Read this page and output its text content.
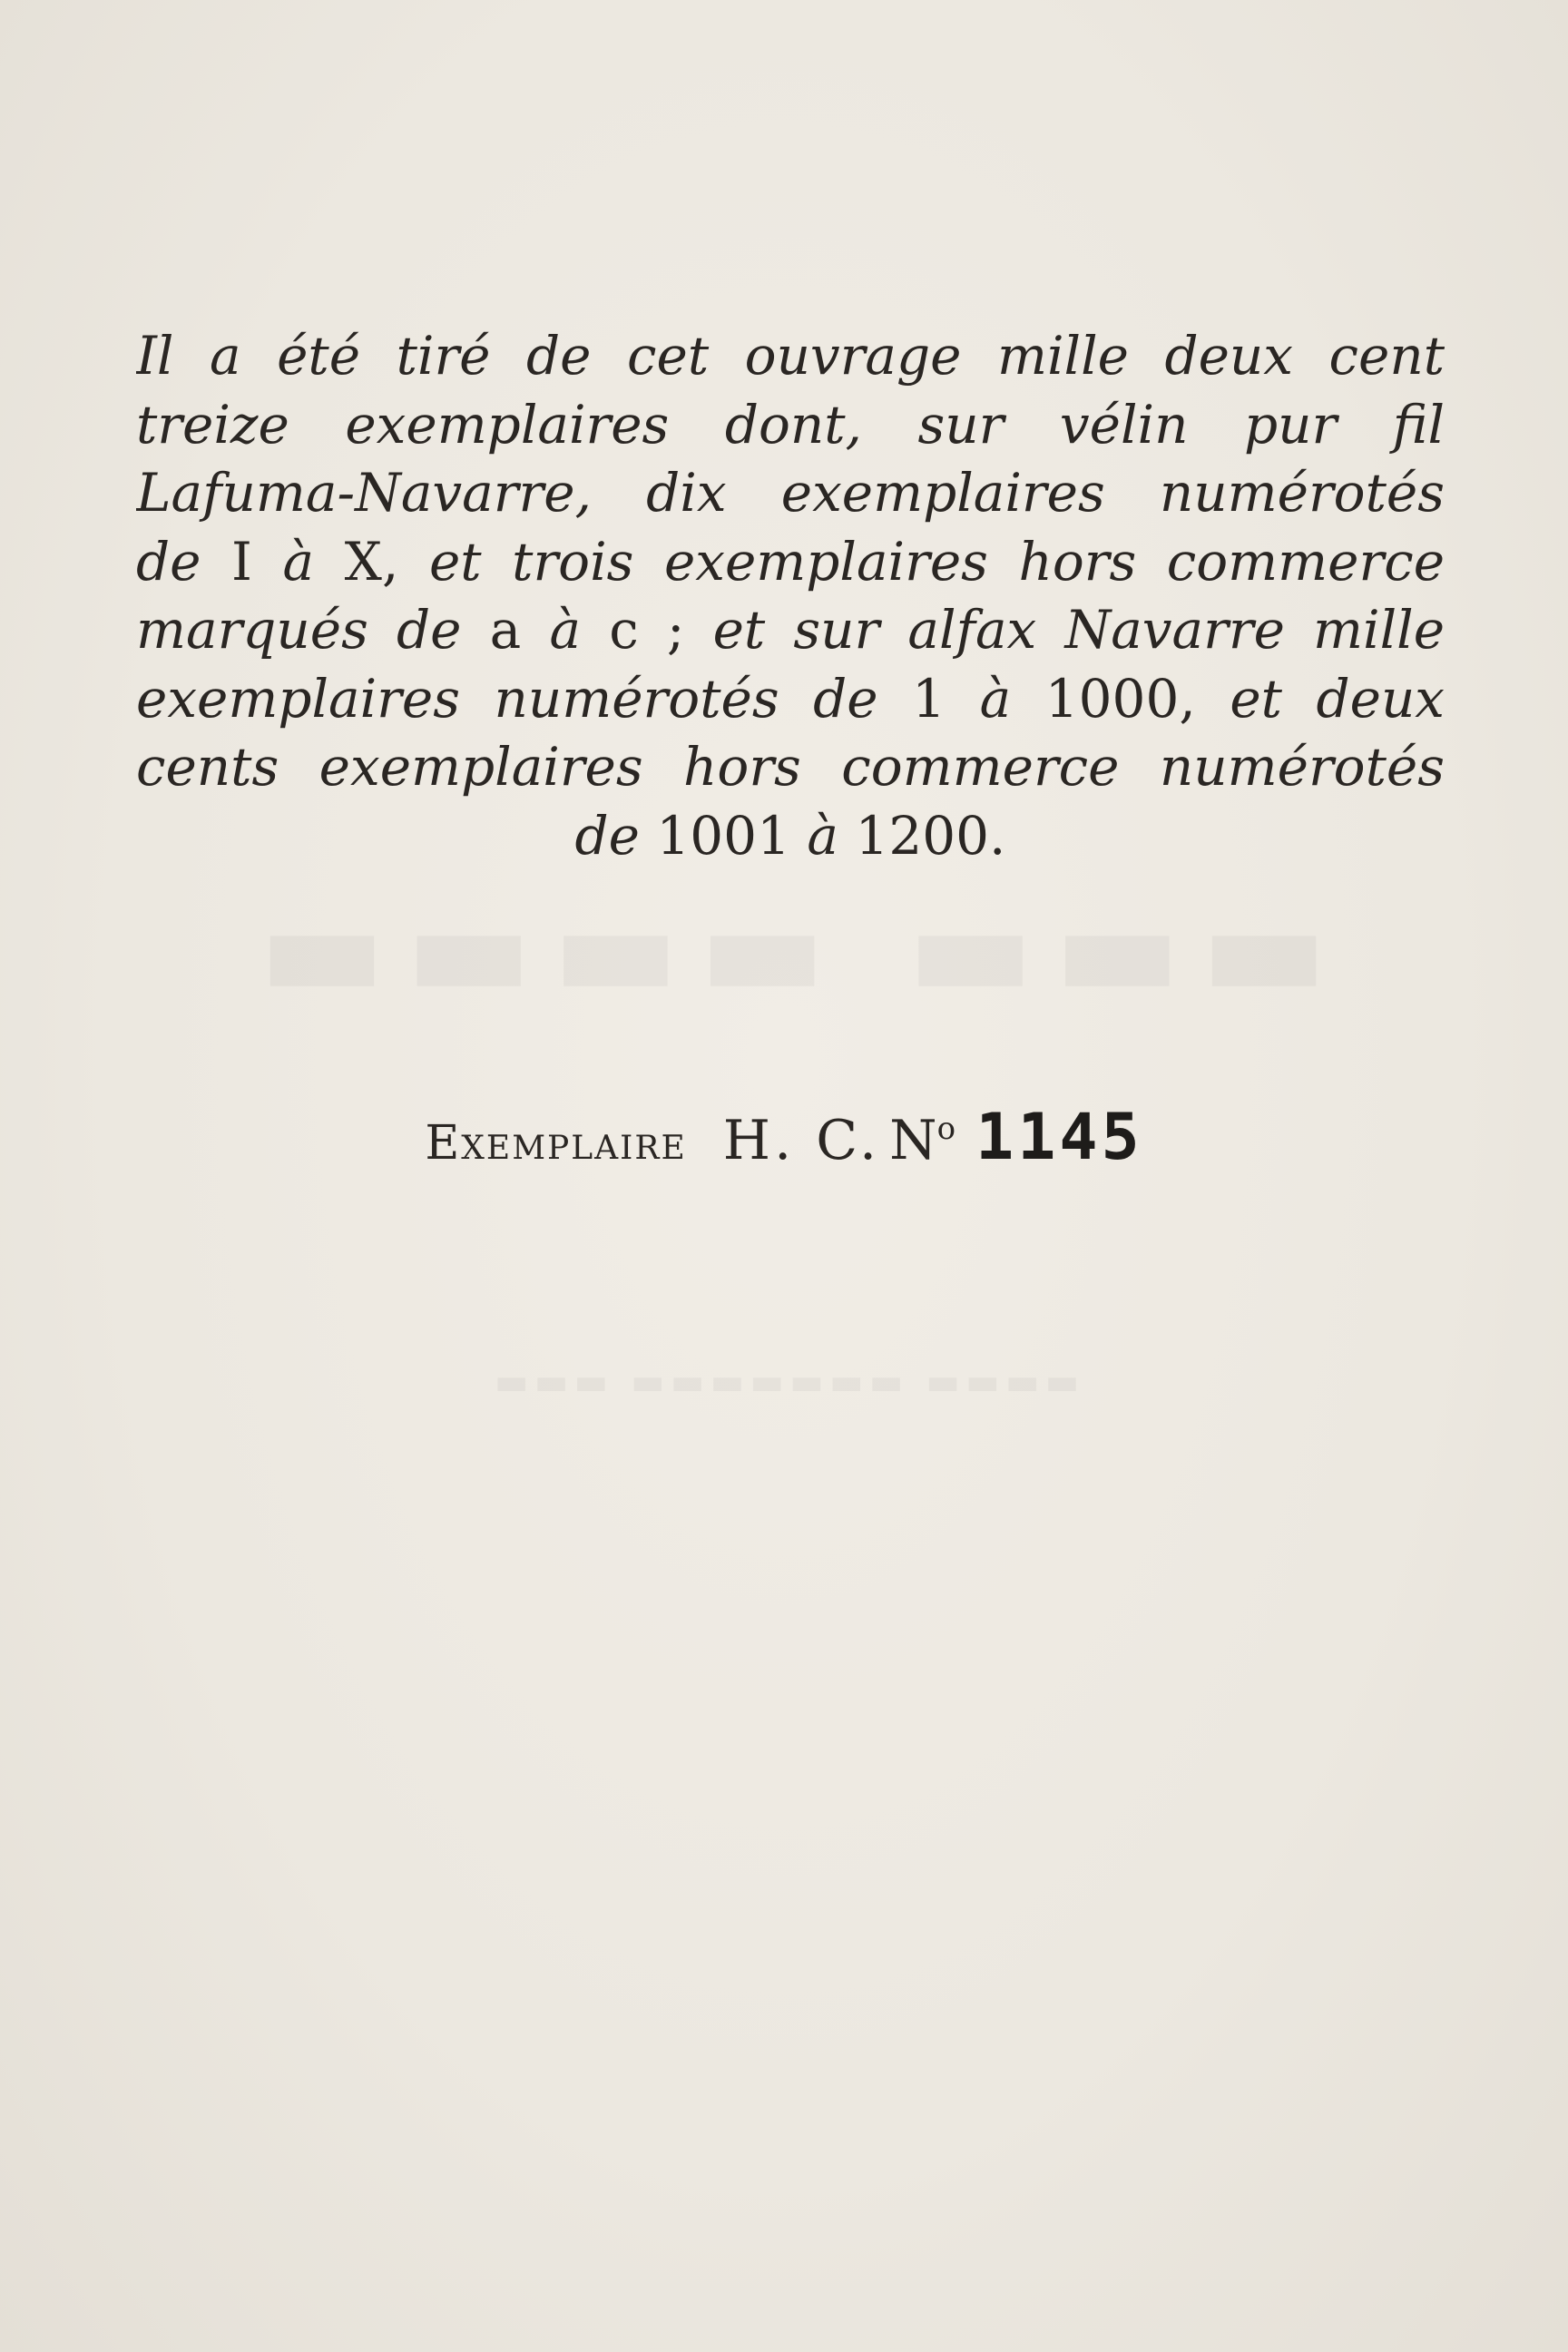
Il a été tiré de cet ouvrage mille deux cent
treize exemplaires dont, sur vélin pur fil
Lafuma-Navarre, dix exemplaires numérotés
de I à X, et trois exemplaires hors commerce
marqués de a à c ; et sur alfax Navarre mille
exemplaires numérotés de 1 à 1000, et deux
cents exemplaires hors commerce numérotés
de 1001 à 1200.
Exemplaire H. C. $N^o$ 1145
